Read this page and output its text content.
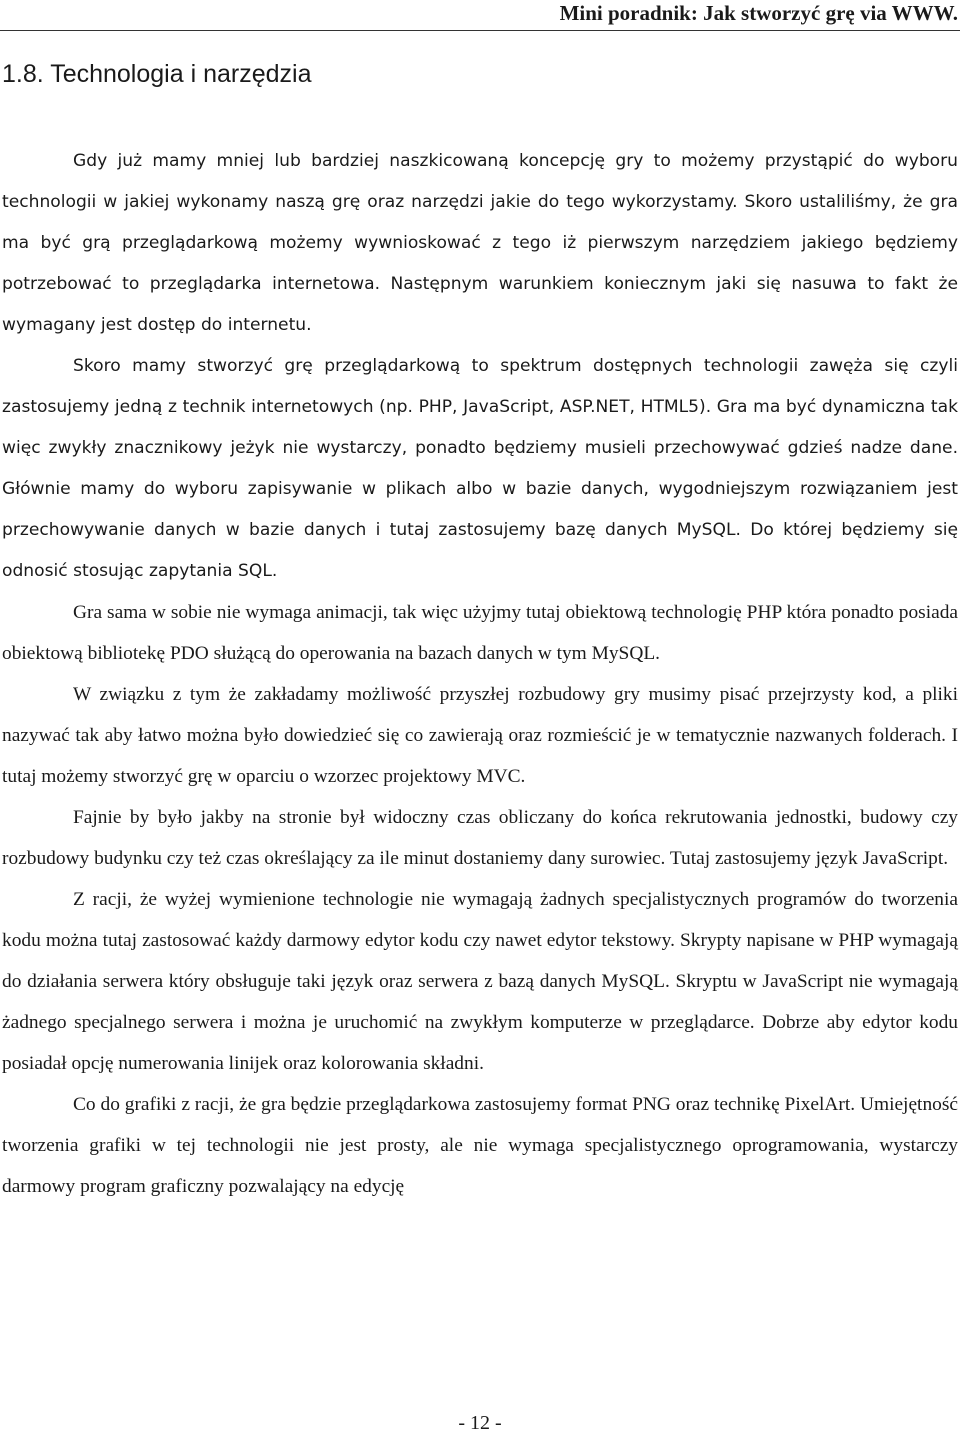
Mini poradnik: Jak stworzyć grę via WWW.
1.8. Technologia i narzędzia

Gdy już mamy mniej lub bardziej naszkicowaną koncepcję gry to możemy przystąpić do wyboru technologii w jakiej wykonamy naszą grę oraz narzędzi jakie do tego wykorzystamy. Skoro ustaliliśmy, że gra ma być grą przeglądarkową możemy wywnioskować z tego iż pierwszym narzędziem jakiego będziemy potrzebować to przeglądarka internetowa. Następnym warunkiem koniecznym jaki się nasuwa to fakt że wymagany jest dostęp do internetu.

Skoro mamy stworzyć grę przeglądarkową to spektrum dostępnych technologii zawęża się czyli zastosujemy jedną z technik internetowych (np. PHP, JavaScript, ASP.NET, HTML5). Gra ma być dynamiczna tak więc zwykły znacznikowy jeżyk nie wystarczy, ponadto będziemy musieli przechowywać gdzieś nadze dane. Głównie mamy do wyboru zapisywanie w plikach albo w bazie danych, wygodniejszym rozwiązaniem jest przechowywanie danych w bazie danych i tutaj zastosujemy bazę danych MySQL. Do której będziemy się odnosić stosując zapytania SQL.

Gra sama w sobie nie wymaga animacji, tak więc użyjmy tutaj obiektową technologię PHP która ponadto posiada obiektową bibliotekę PDO służącą do operowania na bazach danych w tym MySQL.

W związku z tym że zakładamy możliwość przyszłej rozbudowy gry musimy pisać przejrzysty kod, a pliki nazywać tak aby łatwo można było dowiedzieć się co zawierają oraz rozmieścić je w tematycznie nazwanych folderach. I tutaj możemy stworzyć grę w oparciu o wzorzec projektowy MVC.

Fajnie by było jakby na stronie był widoczny czas obliczany do końca rekrutowania jednostki, budowy czy rozbudowy budynku czy też czas określający za ile minut dostaniemy dany surowiec. Tutaj zastosujemy język JavaScript.

Z racji, że wyżej wymienione technologie nie wymagają żadnych specjalistycznych programów do tworzenia kodu można tutaj zastosować każdy darmowy edytor kodu czy nawet edytor tekstowy. Skrypty napisane w PHP wymagają do działania serwera który obsługuje taki język oraz serwera z bazą danych MySQL. Skryptu w JavaScript nie wymagają żadnego specjalnego serwera i można je uruchomić na zwykłym komputerze w przeglądarce. Dobrze aby edytor kodu posiadał opcję numerowania linijek oraz kolorowania składni.

Co do grafiki z racji, że gra będzie przeglądarkowa zastosujemy format PNG oraz technikę PixelArt. Umiejętność tworzenia grafiki w tej technologii nie jest prosty, ale nie wymaga specjalistycznego oprogramowania, wystarczy darmowy program graficzny pozwalający na edycję

- 12 -
